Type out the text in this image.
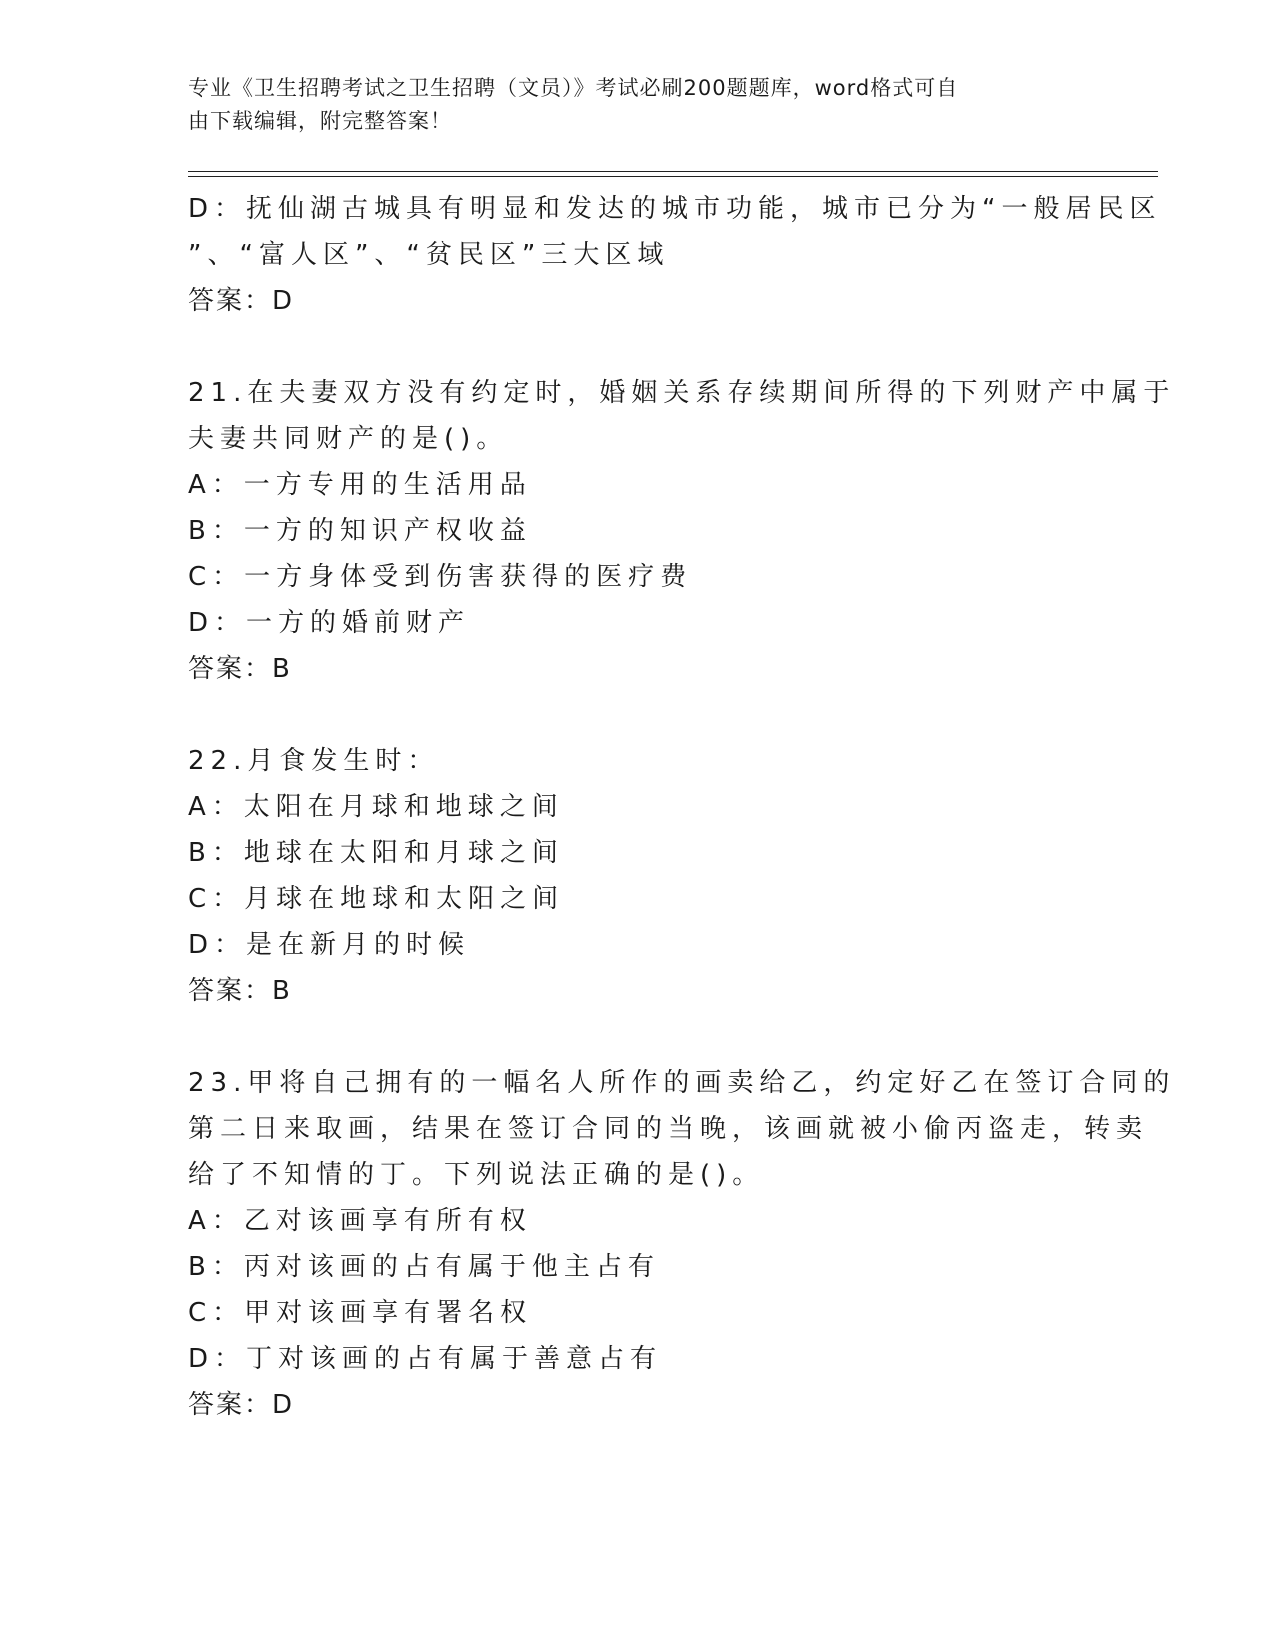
专业《卫生招聘考试之卫生招聘（文员）》考试必刷200题题库，word格式可自
由下载编辑，附完整答案！
D：抚仙湖古城具有明显和发达的城市功能，城市已分为“一般居民区
”、“富人区”、“贫民区”三大区域
答案：D
21.在夫妻双方没有约定时，婚姻关系存续期间所得的下列财产中属于
夫妻共同财产的是()。
A：一方专用的生活用品
B：一方的知识产权收益
C：一方身体受到伤害获得的医疗费
D：一方的婚前财产
答案：B
22.月食发生时：
A：太阳在月球和地球之间
B：地球在太阳和月球之间
C：月球在地球和太阳之间
D：是在新月的时候
答案：B
23.甲将自己拥有的一幅名人所作的画卖给乙，约定好乙在签订合同的
第二日来取画，结果在签订合同的当晚，该画就被小偷丙盗走，转卖
给了不知情的丁。下列说法正确的是()。
A：乙对该画享有所有权
B：丙对该画的占有属于他主占有
C：甲对该画享有署名权
D：丁对该画的占有属于善意占有
答案：D
